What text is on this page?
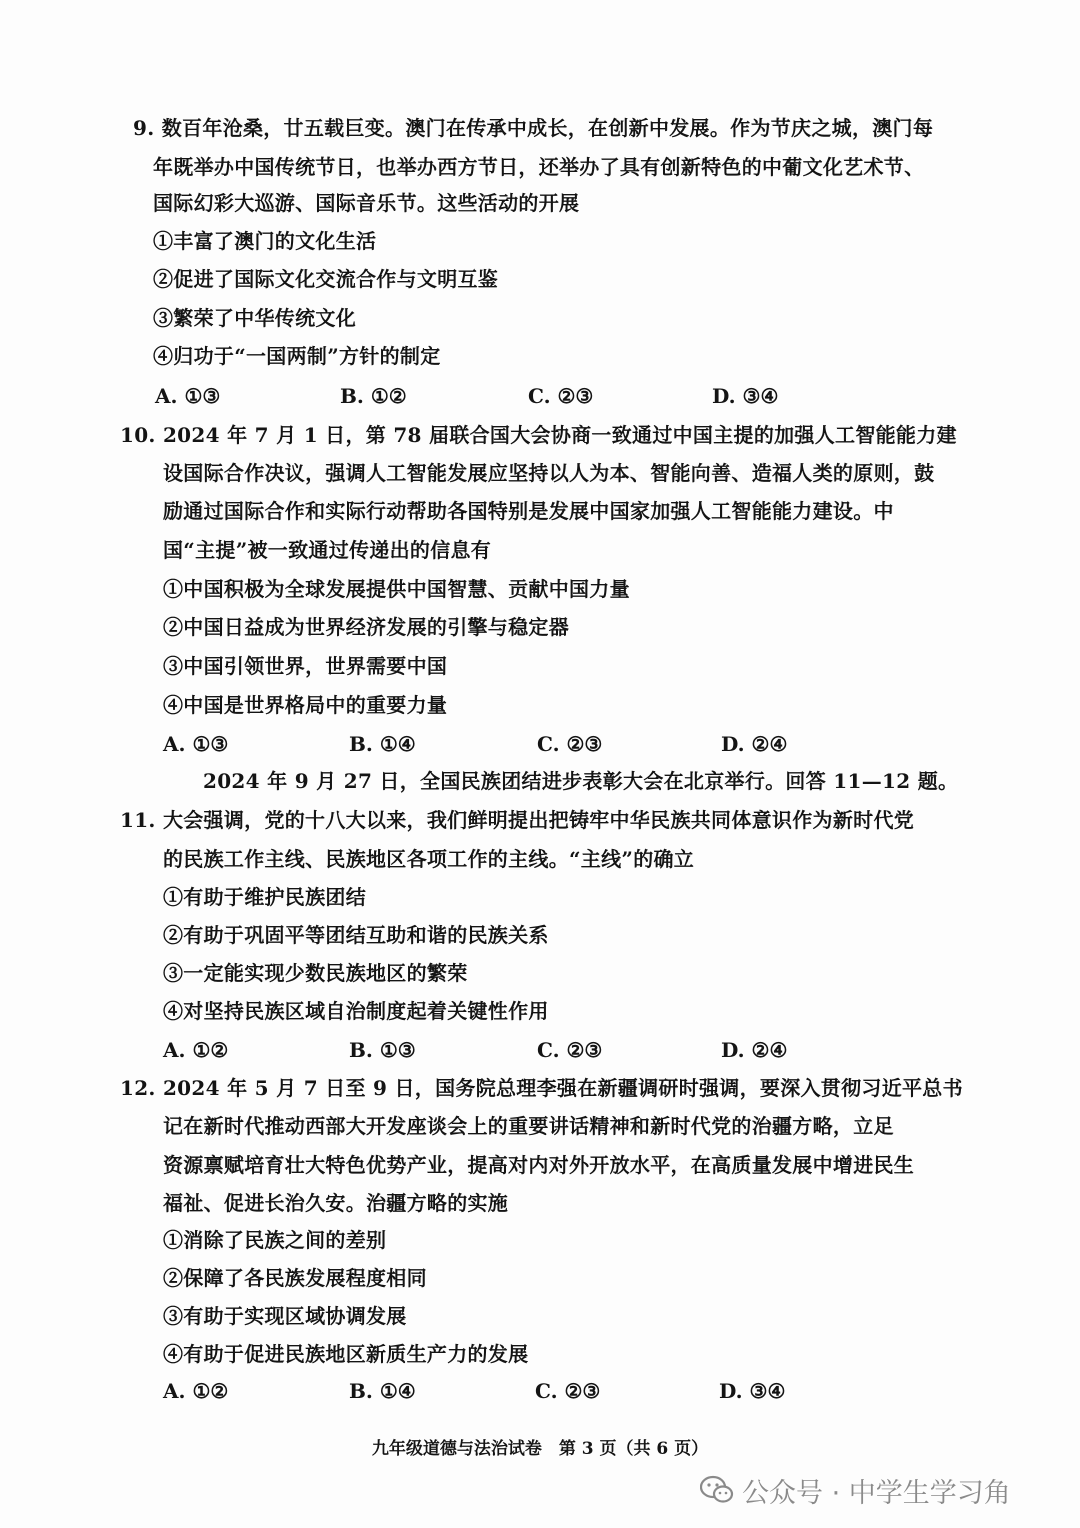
9. 数百年沧桑，廿五载巨变。澳门在传承中成长，在创新中发展。作为节庆之城，澳门每
年既举办中国传统节日，也举办西方节日，还举办了具有创新特色的中葡文化艺术节、
国际幻彩大巡游、国际音乐节。这些活动的开展
①丰富了澳门的文化生活
②促进了国际文化交流合作与文明互鉴
③繁荣了中华传统文化
④归功于“一国两制”方针的制定
A. ①③	B. ①②	C. ②③	D. ③④
10. 2024 年 7 月 1 日，第 78 届联合国大会协商一致通过中国主提的加强人工智能能力建
设国际合作决议，强调人工智能发展应坚持以人为本、智能向善、造福人类的原则，鼓
励通过国际合作和实际行动帮助各国特别是发展中国家加强人工智能能力建设。中
国“主提”被一致通过传递出的信息有
①中国积极为全球发展提供中国智慧、贡献中国力量
②中国日益成为世界经济发展的引擎与稳定器
③中国引领世界，世界需要中国
④中国是世界格局中的重要力量
A. ①③	B. ①④	C. ②③	D. ②④
2024 年 9 月 27 日，全国民族团结进步表彰大会在北京举行。回答 11—12 题。
11. 大会强调，党的十八大以来，我们鲜明提出把铸牢中华民族共同体意识作为新时代党
的民族工作主线、民族地区各项工作的主线。“主线”的确立
①有助于维护民族团结
②有助于巩固平等团结互助和谐的民族关系
③一定能实现少数民族地区的繁荣
④对坚持民族区域自治制度起着关键性作用
A. ①②	B. ①③	C. ②③	D. ②④
12. 2024 年 5 月 7 日至 9 日，国务院总理李强在新疆调研时强调，要深入贯彻习近平总书
记在新时代推动西部大开发座谈会上的重要讲话精神和新时代党的治疆方略，立足
资源禀赋培育壮大特色优势产业，提高对内对外开放水平，在高质量发展中增进民生
福祉、促进长治久安。治疆方略的实施
①消除了民族之间的差别
②保障了各民族发展程度相同
③有助于实现区域协调发展
④有助于促进民族地区新质生产力的发展
A. ①②	B. ①④	C. ②③	D. ③④
九年级道德与法治试卷　第 3 页（共 6 页）
公众号 · 中学生学习角
